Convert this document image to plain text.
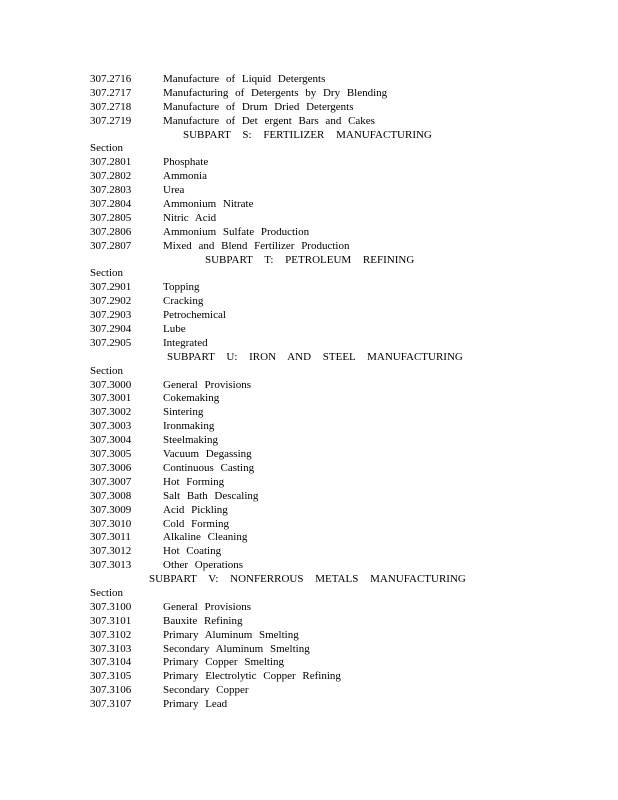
307.2716	Manufacture of Liquid Detergents
307.2717	Manufacturing of Detergents by Dry Blending
307.2718	Manufacture of Drum Dried Detergents
307.2719	Manufacture of Det ergent Bars and Cakes
SUBPART S: FERTILIZER MANUFACTURING
Section
307.2801	Phosphate
307.2802	Ammonia
307.2803	Urea
307.2804	Ammonium Nitrate
307.2805	Nitric Acid
307.2806	Ammonium Sulfate Production
307.2807	Mixed and Blend Fertilizer Production
SUBPART T: PETROLEUM REFINING
Section
307.2901	Topping
307.2902	Cracking
307.2903	Petrochemical
307.2904	Lube
307.2905	Integrated
SUBPART U: IRON AND STEEL MANUFACTURING
Section
307.3000	General Provisions
307.3001	Cokemaking
307.3002	Sintering
307.3003	Ironmaking
307.3004	Steelmaking
307.3005	Vacuum Degassing
307.3006	Continuous Casting
307.3007	Hot Forming
307.3008	Salt Bath Descaling
307.3009	Acid Pickling
307.3010	Cold Forming
307.3011	Alkaline Cleaning
307.3012	Hot Coating
307.3013	Other Operations
SUBPART V: NONFERROUS METALS MANUFACTURING
Section
307.3100	General Provisions
307.3101	Bauxite Refining
307.3102	Primary Aluminum Smelting
307.3103	Secondary Aluminum Smelting
307.3104	Primary Copper Smelting
307.3105	Primary Electrolytic Copper Refining
307.3106	Secondary Copper
307.3107	Primary Lead
